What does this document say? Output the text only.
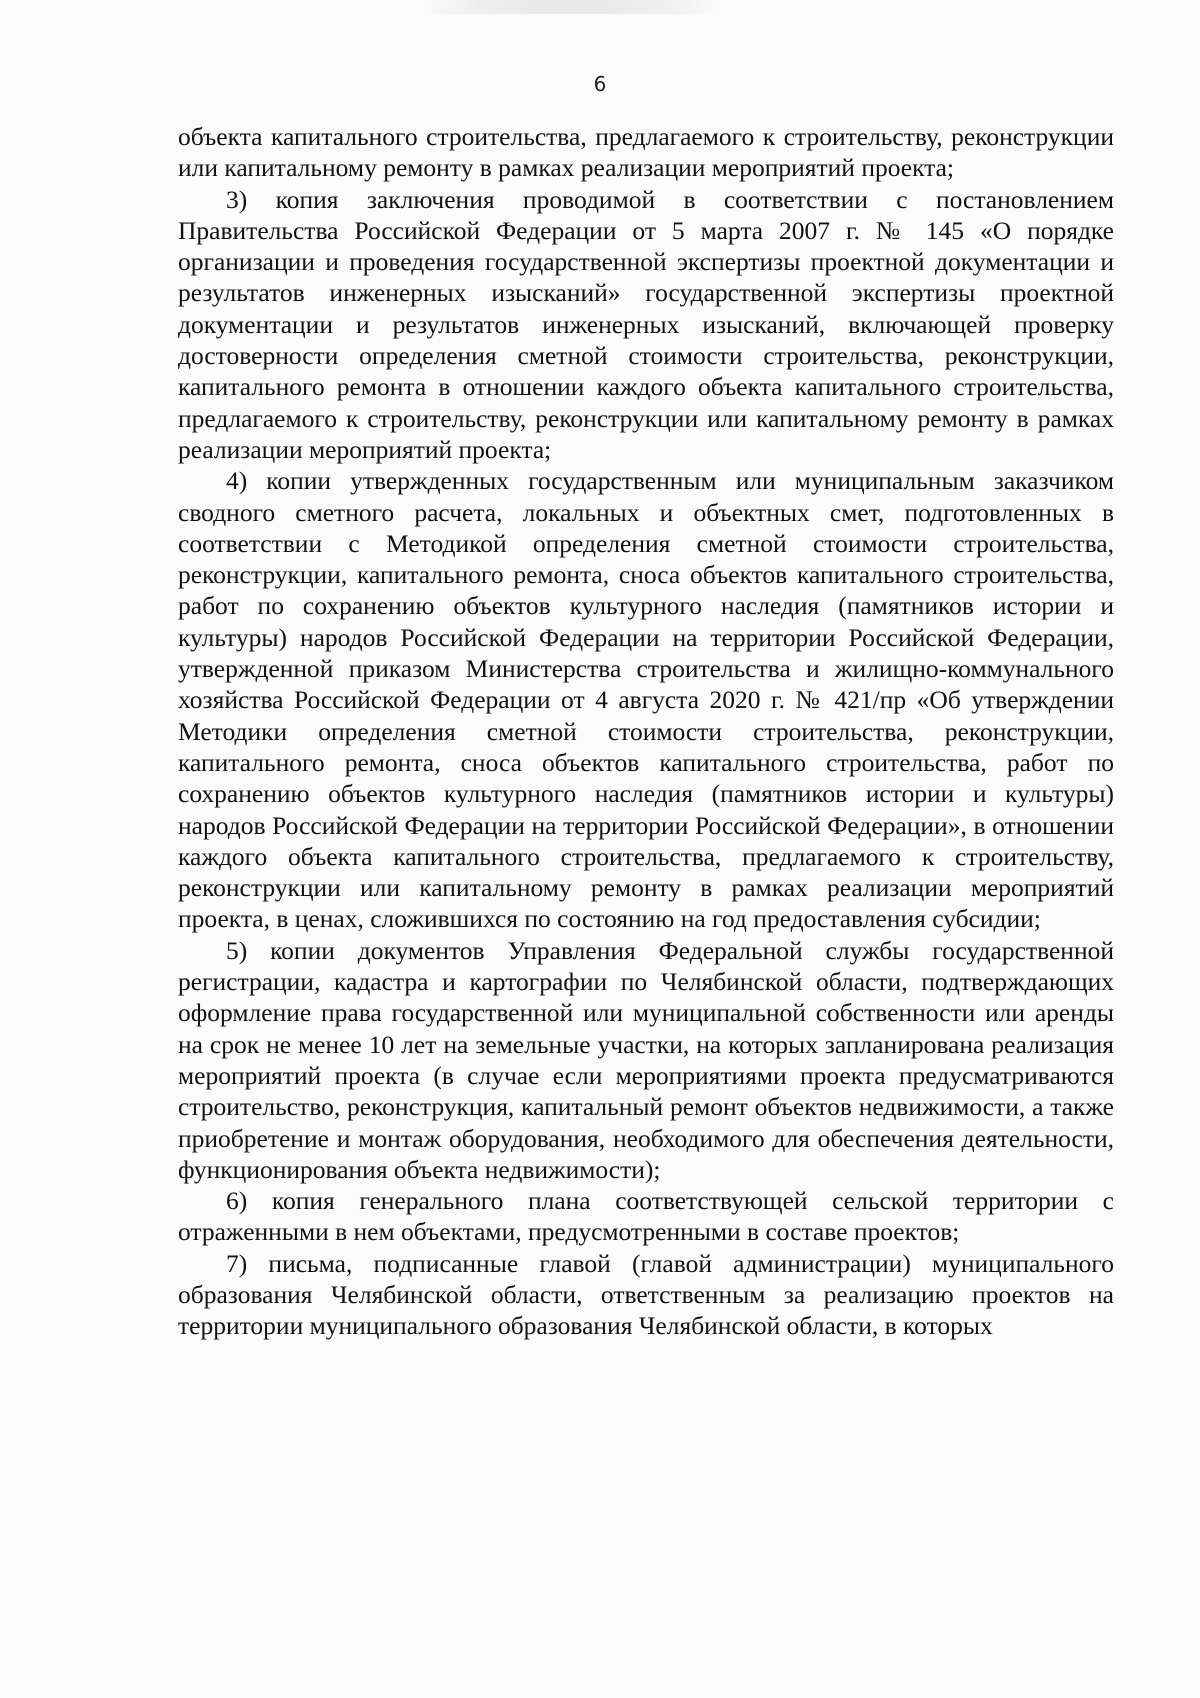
6

объекта капитального строительства, предлагаемого к строительству, реконструкции или капитальному ремонту в рамках реализации мероприятий проекта;

3) копия заключения проводимой в соответствии с постановлением Правительства Российской Федерации от 5 марта 2007 г. № 145 «О порядке организации и проведения государственной экспертизы проектной документации и результатов инженерных изысканий» государственной экспертизы проектной документации и результатов инженерных изысканий, включающей проверку достоверности определения сметной стоимости строительства, реконструкции, капитального ремонта в отношении каждого объекта капитального строительства, предлагаемого к строительству, реконструкции или капитальному ремонту в рамках реализации мероприятий проекта;

4) копии утвержденных государственным или муниципальным заказчиком сводного сметного расчета, локальных и объектных смет, подготовленных в соответствии с Методикой определения сметной стоимости строительства, реконструкции, капитального ремонта, сноса объектов капитального строительства, работ по сохранению объектов культурного наследия (памятников истории и культуры) народов Российской Федерации на территории Российской Федерации, утвержденной приказом Министерства строительства и жилищно-коммунального хозяйства Российской Федерации от 4 августа 2020 г. № 421/пр «Об утверждении Методики определения сметной стоимости строительства, реконструкции, капитального ремонта, сноса объектов капитального строительства, работ по сохранению объектов культурного наследия (памятников истории и культуры) народов Российской Федерации на территории Российской Федерации», в отношении каждого объекта капитального строительства, предлагаемого к строительству, реконструкции или капитальному ремонту в рамках реализации мероприятий проекта, в ценах, сложившихся по состоянию на год предоставления субсидии;

5) копии документов Управления Федеральной службы государственной регистрации, кадастра и картографии по Челябинской области, подтверждающих оформление права государственной или муниципальной собственности или аренды на срок не менее 10 лет на земельные участки, на которых запланирована реализация мероприятий проекта (в случае если мероприятиями проекта предусматриваются строительство, реконструкция, капитальный ремонт объектов недвижимости, а также приобретение и монтаж оборудования, необходимого для обеспечения деятельности, функционирования объекта недвижимости);

6) копия генерального плана соответствующей сельской территории с отраженными в нем объектами, предусмотренными в составе проектов;

7) письма, подписанные главой (главой администрации) муниципального образования Челябинской области, ответственным за реализацию проектов на территории муниципального образования Челябинской области, в которых
